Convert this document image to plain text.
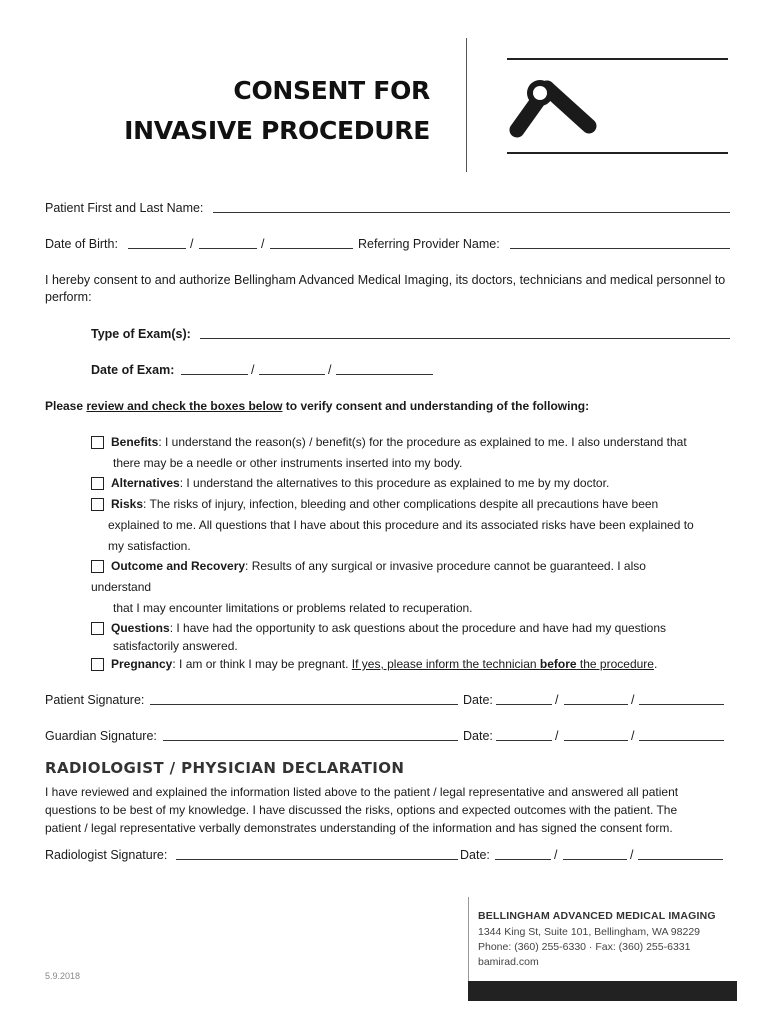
CONSENT FOR
INVASIVE PROCEDURE
Patient First and Last Name:
Date of Birth:	/	/	Referring Provider Name:
I hereby consent to and authorize Bellingham Advanced Medical Imaging, its doctors, technicians and medical personnel to perform:
Type of Exam(s):
Date of Exam:	/	/
Please review and check the boxes below to verify consent and understanding of the following:
Benefits: I understand the reason(s) / benefit(s) for the procedure as explained to me. I also understand that
there may be a needle or other instruments inserted into my body.
Alternatives: I understand the alternatives to this procedure as explained to me by my doctor.
Risks: The risks of injury, infection, bleeding and other complications despite all precautions have been
explained to me. All questions that I have about this procedure and its associated risks have been explained to
my satisfaction.
Outcome and Recovery: Results of any surgical or invasive procedure cannot be guaranteed. I also
understand
that I may encounter limitations or problems related to recuperation.
Questions: I have had the opportunity to ask questions about the procedure and have had my questions
satisfactorily answered.
Pregnancy: I am or think I may be pregnant. If yes, please inform the technician before the procedure.
Patient Signature:	Date:	/	/
Guardian Signature:	Date:	/	/
RADIOLOGIST / PHYSICIAN DECLARATION
I have reviewed and explained the information listed above to the patient / legal representative and answered all patient
questions to be best of my knowledge. I have discussed the risks, options and expected outcomes with the patient. The
patient / legal representative verbally demonstrates understanding of the information and has signed the consent form.
Radiologist Signature:	Date:	/	/
BELLINGHAM ADVANCED MEDICAL IMAGING
1344 King St, Suite 101, Bellingham, WA 98229
Phone: (360) 255-6330 · Fax: (360) 255-6331
bamirad.com
5.9.2018
